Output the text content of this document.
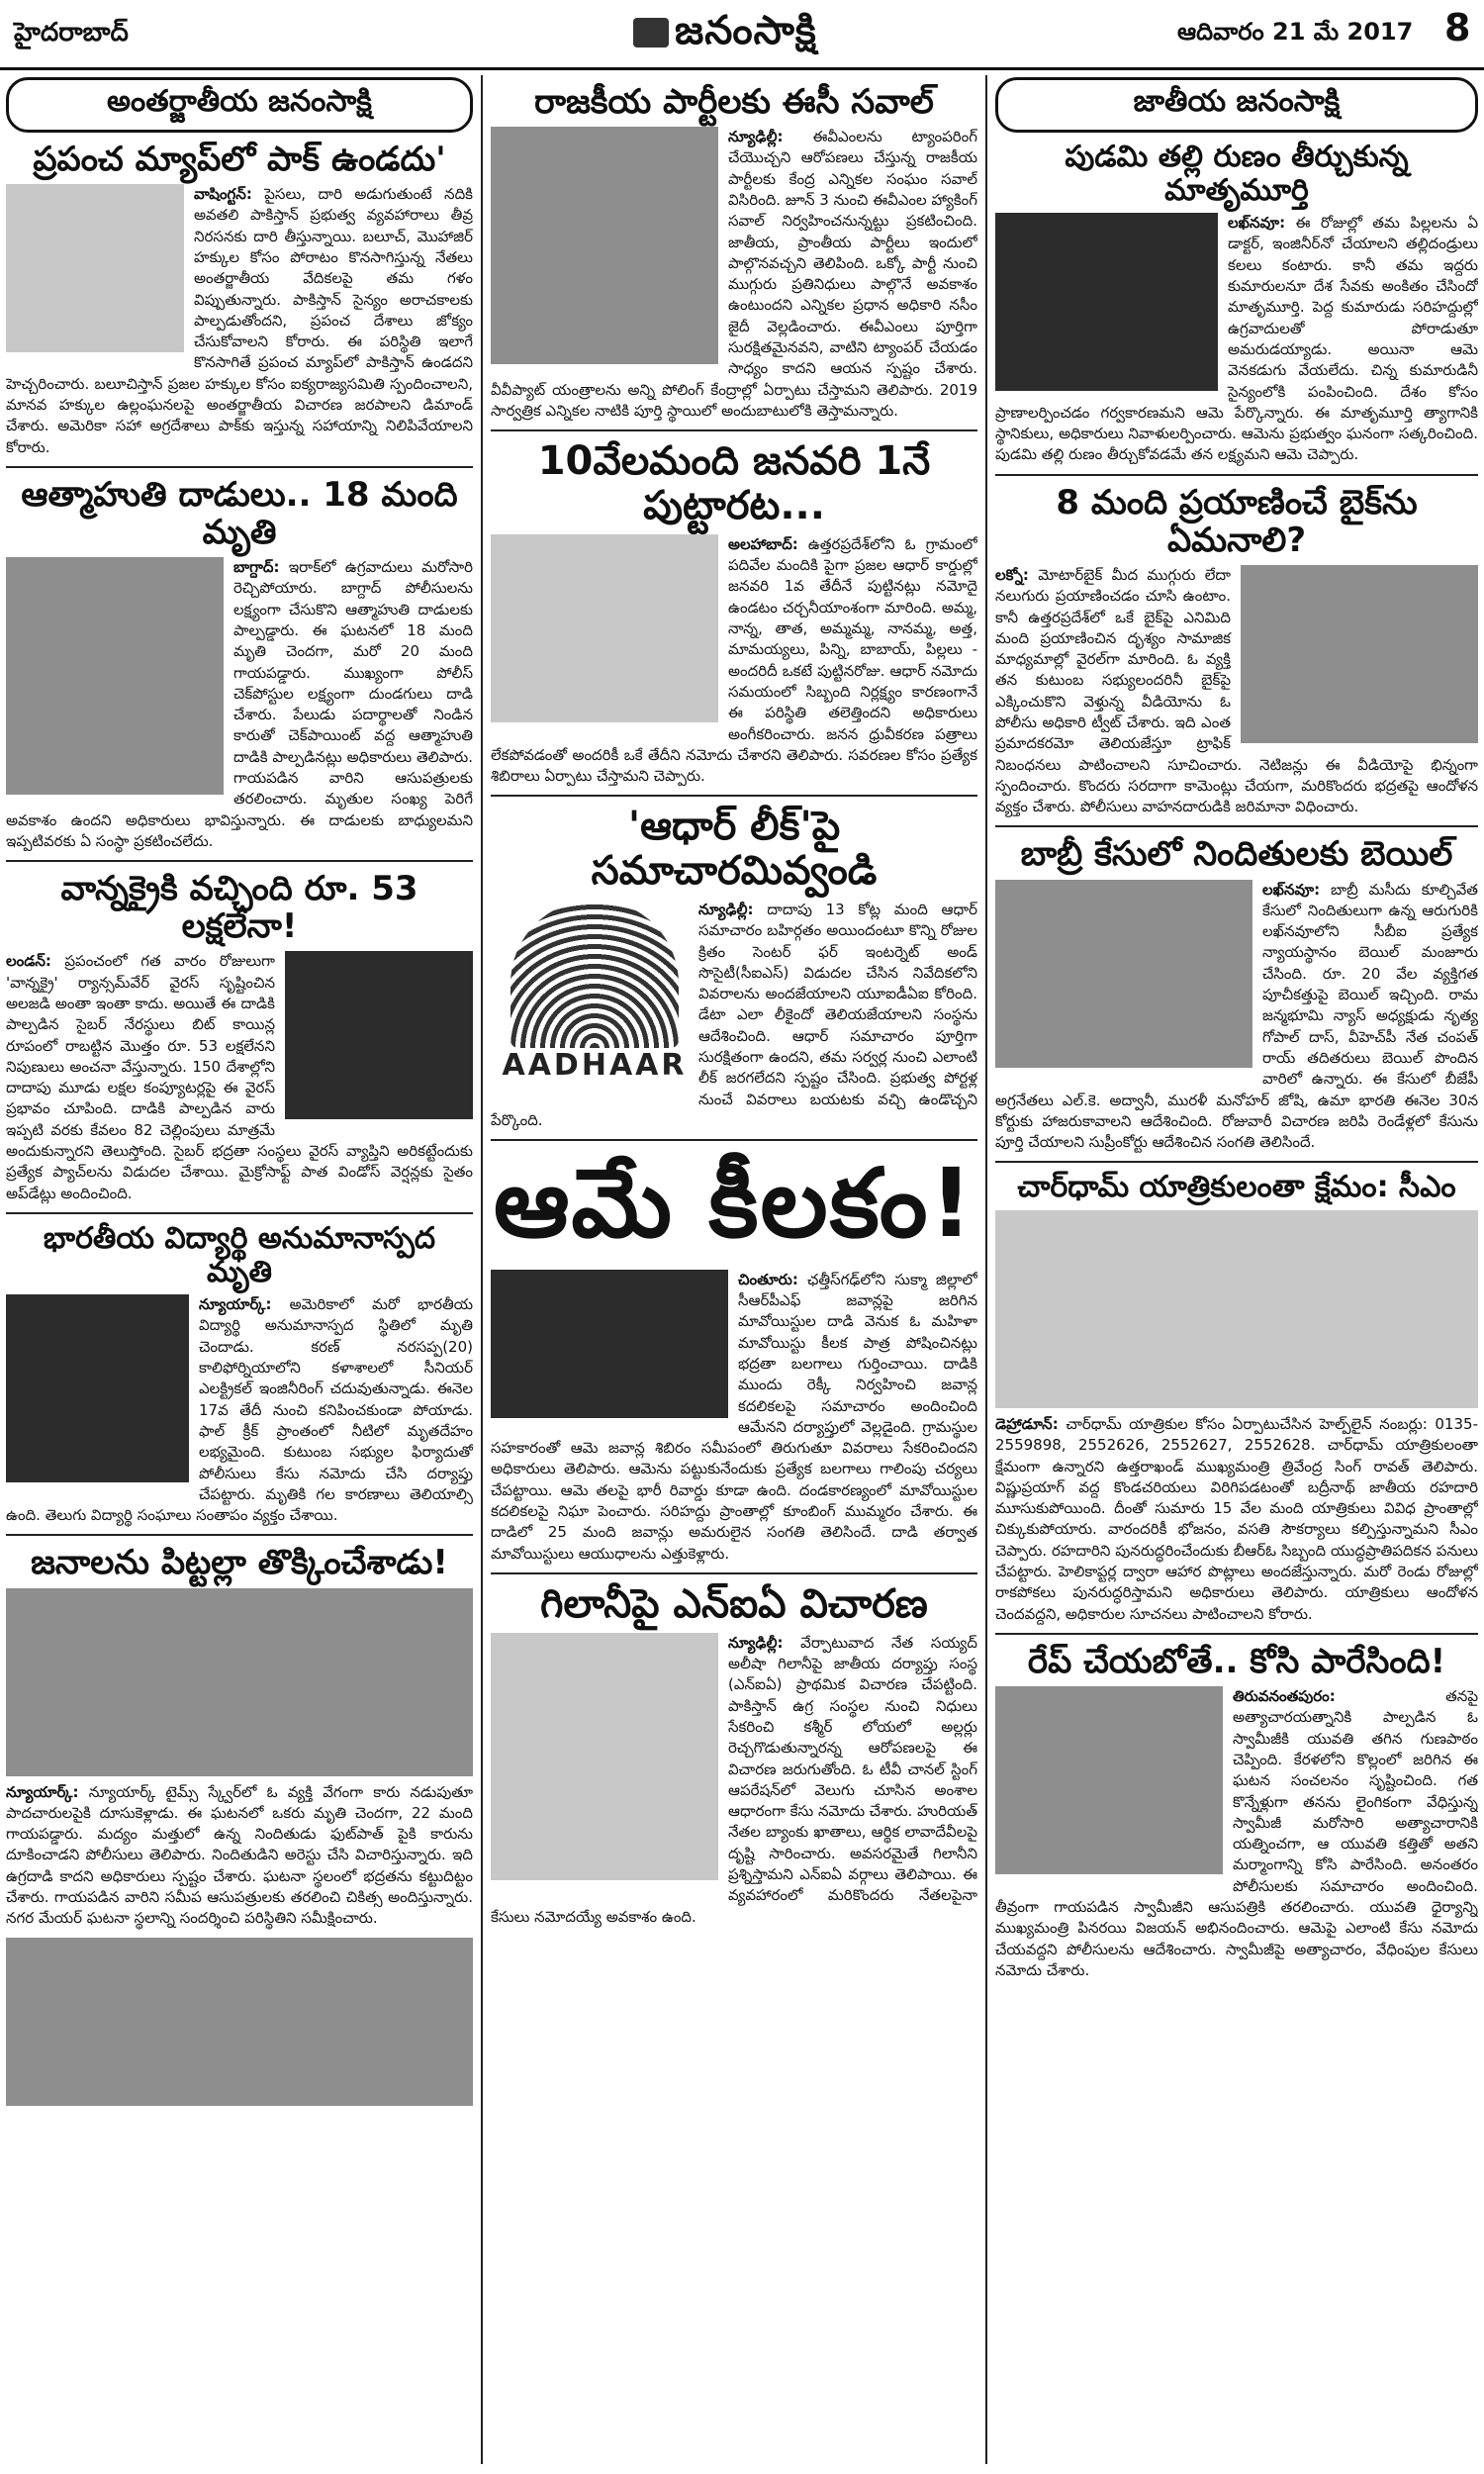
హైదరాబాద్	జనంసాక్షి	ఆదివారం 21 మే 2017 8
అంతర్జాతీయ జనంసాక్షి
ప్రపంచ మ్యాప్‌లో పాక్ ఉండదు'

వాషింగ్టన్: పైసలు, దారి అడుగుతుంటే నదికి అవతలి పాకిస్తాన్ ప్రభుత్వ వ్యవహారాలు తీవ్ర నిరసనకు దారి తీస్తున్నాయి. బలూచ్, మొహాజిర్ హక్కుల కోసం పోరాటం కొనసాగిస్తున్న నేతలు అంతర్జాతీయ వేదికలపై తమ గళం విప్పుతున్నారు. పాకిస్తాన్ సైన్యం అరాచకాలకు పాల్పడుతోందని, ప్రపంచ దేశాలు జోక్యం చేసుకోవాలని కోరారు. ఈ పరిస్థితి ఇలాగే కొనసాగితే ప్రపంచ మ్యాప్‌లో పాకిస్తాన్ ఉండదని హెచ్చరించారు. బలూచిస్తాన్ ప్రజల హక్కుల కోసం ఐక్యరాజ్యసమితి స్పందించాలని, మానవ హక్కుల ఉల్లంఘనలపై అంతర్జాతీయ విచారణ జరపాలని డిమాండ్ చేశారు. అమెరికా సహా అగ్రదేశాలు పాక్‌కు ఇస్తున్న సహాయాన్ని నిలిపివేయాలని కోరారు.

ఆత్మాహుతి దాడులు.. 18 మంది మృతి

బాగ్దాద్: ఇరాక్‌లో ఉగ్రవాదులు మరోసారి రెచ్చిపోయారు. బాగ్దాద్ పోలీసులను లక్ష్యంగా చేసుకొని ఆత్మాహుతి దాడులకు పాల్పడ్డారు. ఈ ఘటనలో 18 మంది మృతి చెందగా, మరో 20 మంది గాయపడ్డారు. ముఖ్యంగా పోలీస్ చెక్‌పోస్టుల లక్ష్యంగా దుండగులు దాడి చేశారు. పేలుడు పదార్థాలతో నిండిన కారుతో చెక్‌పాయింట్ వద్ద ఆత్మాహుతి దాడికి పాల్పడినట్లు అధికారులు తెలిపారు. గాయపడిన వారిని ఆసుపత్రులకు తరలించారు. మృతుల సంఖ్య పెరిగే అవకాశం ఉందని అధికారులు భావిస్తున్నారు. ఈ దాడులకు బాధ్యులమని ఇప్పటివరకు ఏ సంస్థా ప్రకటించలేదు.

వాన్నక్రైకి వచ్చింది రూ. 53 లక్షలేనా!

లండన్: ప్రపంచంలో గత వారం రోజులుగా 'వాన్నక్రై' ర్యాన్సమ్‌వేర్ వైరస్ సృష్టించిన అలజడి అంతా ఇంతా కాదు. అయితే ఈ దాడికి పాల్పడిన సైబర్ నేరస్థులు బిట్ కాయిన్ల రూపంలో రాబట్టిన మొత్తం రూ. 53 లక్షలేనని నిపుణులు అంచనా వేస్తున్నారు. 150 దేశాల్లోని దాదాపు మూడు లక్షల కంప్యూటర్లపై ఈ వైరస్ ప్రభావం చూపింది. దాడికి పాల్పడిన వారు ఇప్పటి వరకు కేవలం 82 చెల్లింపులు మాత్రమే అందుకున్నారని తెలుస్తోంది. సైబర్ భద్రతా సంస్థలు వైరస్ వ్యాప్తిని అరికట్టేందుకు ప్రత్యేక ప్యాచ్‌లను విడుదల చేశాయి. మైక్రోసాఫ్ట్ పాత విండోస్ వెర్షన్లకు సైతం అప్‌డేట్లు అందించింది.

భారతీయ విద్యార్థి అనుమానాస్పద మృతి

న్యూయార్క్: అమెరికాలో మరో భారతీయ విద్యార్థి అనుమానాస్పద స్థితిలో మృతి చెందాడు. కరణ్ నరసప్ప(20) కాలిఫోర్నియాలోని కళాశాలలో సీనియర్ ఎలక్ట్రికల్ ఇంజినీరింగ్ చదువుతున్నాడు. ఈనెల 17వ తేదీ నుంచి కనిపించకుండా పోయాడు. ఫాల్ క్రీక్ ప్రాంతంలో నీటిలో మృతదేహం లభ్యమైంది. కుటుంబ సభ్యుల ఫిర్యాదుతో పోలీసులు కేసు నమోదు చేసి దర్యాప్తు చేపట్టారు. మృతికి గల కారణాలు తెలియాల్సి ఉంది. తెలుగు విద్యార్థి సంఘాలు సంతాపం వ్యక్తం చేశాయి.

జనాలను పిట్టల్లా తొక్కించేశాడు!

న్యూయార్క్: న్యూయార్క్ టైమ్స్ స్క్వేర్‌లో ఓ వ్యక్తి వేగంగా కారు నడుపుతూ పాదచారులపైకి దూసుకెళ్లాడు. ఈ ఘటనలో ఒకరు మృతి చెందగా, 22 మంది గాయపడ్డారు. మద్యం మత్తులో ఉన్న నిందితుడు ఫుట్‌పాత్ పైకి కారును దూకించాడని పోలీసులు తెలిపారు. నిందితుడిని అరెస్టు చేసి విచారిస్తున్నారు. ఇది ఉగ్రదాడి కాదని అధికారులు స్పష్టం చేశారు. ఘటనా స్థలంలో భద్రతను కట్టుదిట్టం చేశారు. గాయపడిన వారిని సమీప ఆసుపత్రులకు తరలించి చికిత్స అందిస్తున్నారు. నగర మేయర్ ఘటనా స్థలాన్ని సందర్శించి పరిస్థితిని సమీక్షించారు.

రాజకీయ పార్టీలకు ఈసీ సవాల్

న్యూఢిల్లీ: ఈవీఎంలను ట్యాంపరింగ్ చేయొచ్చని ఆరోపణలు చేస్తున్న రాజకీయ పార్టీలకు కేంద్ర ఎన్నికల సంఘం సవాల్ విసిరింది. జూన్ 3 నుంచి ఈవీఎంల హ్యాకింగ్ సవాల్ నిర్వహించనున్నట్టు ప్రకటించింది. జాతీయ, ప్రాంతీయ పార్టీలు ఇందులో పాల్గొనవచ్చని తెలిపింది. ఒక్కో పార్టీ నుంచి ముగ్గురు ప్రతినిధులు పాల్గొనే అవకాశం ఉంటుందని ఎన్నికల ప్రధాన అధికారి నసీం జైదీ వెల్లడించారు. ఈవీఎంలు పూర్తిగా సురక్షితమైనవని, వాటిని ట్యాంపర్ చేయడం సాధ్యం కాదని ఆయన స్పష్టం చేశారు. వీవీప్యాట్ యంత్రాలను అన్ని పోలింగ్ కేంద్రాల్లో ఏర్పాటు చేస్తామని తెలిపారు. 2019 సార్వత్రిక ఎన్నికల నాటికి పూర్తి స్థాయిలో అందుబాటులోకి తెస్తామన్నారు.

10వేలమంది జనవరి 1నే పుట్టారట...

అలహాబాద్: ఉత్తరప్రదేశ్‌లోని ఓ గ్రామంలో పదివేల మందికి పైగా ప్రజల ఆధార్ కార్డుల్లో జనవరి 1వ తేదీనే పుట్టినట్లు నమోదై ఉండటం చర్చనీయాంశంగా మారింది. అమ్మ, నాన్న, తాత, అమ్మమ్మ, నానమ్మ, అత్త, మామయ్యలు, పిన్ని, బాబాయ్, పిల్లలు - అందరిదీ ఒకటే పుట్టినరోజు. ఆధార్ నమోదు సమయంలో సిబ్బంది నిర్లక్ష్యం కారణంగానే ఈ పరిస్థితి తలెత్తిందని అధికారులు అంగీకరించారు. జనన ధ్రువీకరణ పత్రాలు లేకపోవడంతో అందరికీ ఒకే తేదీని నమోదు చేశారని తెలిపారు. సవరణల కోసం ప్రత్యేక శిబిరాలు ఏర్పాటు చేస్తామని చెప్పారు.

'ఆధార్ లీక్'పై సమాచారమివ్వండి
AADHAAR

న్యూఢిల్లీ: దాదాపు 13 కోట్ల మంది ఆధార్ సమాచారం బహిర్గతం అయిందంటూ కొన్ని రోజుల క్రితం సెంటర్ ఫర్ ఇంటర్నెట్ అండ్ సొసైటీ(సీఐఎస్) విడుదల చేసిన నివేదికలోని వివరాలను అందజేయాలని యూఐడీఏఐ కోరింది. డేటా ఎలా లీకైందో తెలియజేయాలని సంస్థను ఆదేశించింది. ఆధార్ సమాచారం పూర్తిగా సురక్షితంగా ఉందని, తమ సర్వర్ల నుంచి ఎలాంటి లీక్ జరగలేదని స్పష్టం చేసింది. ప్రభుత్వ పోర్టళ్ల నుంచే వివరాలు బయటకు వచ్చి ఉండొచ్చని పేర్కొంది.

ఆమే కీలకం!

చింతూరు: ఛత్తీస్‌గఢ్‌లోని సుక్మా జిల్లాలో సీఆర్‌పీఎఫ్ జవాన్లపై జరిగిన మావోయిస్టుల దాడి వెనుక ఓ మహిళా మావోయిస్టు కీలక పాత్ర పోషించినట్లు భద్రతా బలగాలు గుర్తించాయి. దాడికి ముందు రెక్కీ నిర్వహించి జవాన్ల కదలికలపై సమాచారం అందించింది ఆమేనని దర్యాప్తులో వెల్లడైంది. గ్రామస్థుల సహకారంతో ఆమె జవాన్ల శిబిరం సమీపంలో తిరుగుతూ వివరాలు సేకరించిందని అధికారులు తెలిపారు. ఆమెను పట్టుకునేందుకు ప్రత్యేక బలగాలు గాలింపు చర్యలు చేపట్టాయి. ఆమె తలపై భారీ రివార్డు కూడా ఉంది. దండకారణ్యంలో మావోయిస్టుల కదలికలపై నిఘా పెంచారు. సరిహద్దు ప్రాంతాల్లో కూంబింగ్ ముమ్మరం చేశారు. ఈ దాడిలో 25 మంది జవాన్లు అమరులైన సంగతి తెలిసిందే. దాడి తర్వాత మావోయిస్టులు ఆయుధాలను ఎత్తుకెళ్లారు.

గిలానీపై ఎన్ఐఏ విచారణ

న్యూఢిల్లీ: వేర్పాటువాద నేత సయ్యద్ అలీషా గిలానీపై జాతీయ దర్యాప్తు సంస్థ (ఎన్ఐఏ) ప్రాథమిక విచారణ చేపట్టింది. పాకిస్తాన్ ఉగ్ర సంస్థల నుంచి నిధులు సేకరించి కశ్మీర్ లోయలో అల్లర్లు రెచ్చగొడుతున్నారన్న ఆరోపణలపై ఈ విచారణ జరుగుతోంది. ఓ టీవీ చానల్ స్టింగ్ ఆపరేషన్‌లో వెలుగు చూసిన అంశాల ఆధారంగా కేసు నమోదు చేశారు. హురియత్ నేతల బ్యాంకు ఖాతాలు, ఆర్థిక లావాదేవీలపై దృష్టి సారించారు. అవసరమైతే గిలానీని ప్రశ్నిస్తామని ఎన్ఐఏ వర్గాలు తెలిపాయి. ఈ వ్యవహారంలో మరికొందరు నేతలపైనా కేసులు నమోదయ్యే అవకాశం ఉంది.

జాతీయ జనంసాక్షి
పుడమి తల్లి రుణం తీర్చుకున్న మాతృమూర్తి

లఖ్‌నవూ: ఈ రోజుల్లో తమ పిల్లలను ఏ డాక్టర్, ఇంజినీర్‌నో చేయాలని తల్లిదండ్రులు కలలు కంటారు. కానీ తమ ఇద్దరు కుమారులనూ దేశ సేవకు అంకితం చేసిందో మాతృమూర్తి. పెద్ద కుమారుడు సరిహద్దుల్లో ఉగ్రవాదులతో పోరాడుతూ అమరుడయ్యాడు. అయినా ఆమె వెనకడుగు వేయలేదు. చిన్న కుమారుడినీ సైన్యంలోకి పంపించింది. దేశం కోసం ప్రాణాలర్పించడం గర్వకారణమని ఆమె పేర్కొన్నారు. ఈ మాతృమూర్తి త్యాగానికి స్థానికులు, అధికారులు నివాళులర్పించారు. ఆమెను ప్రభుత్వం ఘనంగా సత్కరించింది. పుడమి తల్లి రుణం తీర్చుకోవడమే తన లక్ష్యమని ఆమె చెప్పారు.

8 మంది ప్రయాణించే బైక్‌ను ఏమనాలి?

లక్నో: మోటార్‌బైక్ మీద ముగ్గురు లేదా నలుగురు ప్రయాణించడం చూసి ఉంటాం. కానీ ఉత్తరప్రదేశ్‌లో ఒకే బైక్‌పై ఎనిమిది మంది ప్రయాణించిన దృశ్యం సామాజిక మాధ్యమాల్లో వైరల్‌గా మారింది. ఓ వ్యక్తి తన కుటుంబ సభ్యులందరినీ బైక్‌పై ఎక్కించుకొని వెళ్తున్న వీడియోను ఓ పోలీసు అధికారి ట్వీట్ చేశారు. ఇది ఎంత ప్రమాదకరమో తెలియజేస్తూ ట్రాఫిక్ నిబంధనలు పాటించాలని సూచించారు. నెటిజన్లు ఈ వీడియోపై భిన్నంగా స్పందించారు. కొందరు సరదాగా కామెంట్లు చేయగా, మరికొందరు భద్రతపై ఆందోళన వ్యక్తం చేశారు. పోలీసులు వాహనదారుడికి జరిమానా విధించారు.

బాబ్రీ కేసులో నిందితులకు బెయిల్

లఖ్‌నవూ: బాబ్రీ మసీదు కూల్చివేత కేసులో నిందితులుగా ఉన్న ఆరుగురికి లఖ్‌నవూలోని సీబీఐ ప్రత్యేక న్యాయస్థానం బెయిల్ మంజూరు చేసింది. రూ. 20 వేల వ్యక్తిగత పూచీకత్తుపై బెయిల్ ఇచ్చింది. రామ జన్మభూమి న్యాస్ అధ్యక్షుడు నృత్య గోపాల్ దాస్, వీహెచ్‌పీ నేత చంపత్ రాయ్ తదితరులు బెయిల్ పొందిన వారిలో ఉన్నారు. ఈ కేసులో బీజేపీ అగ్రనేతలు ఎల్.కె. అద్వానీ, మురళీ మనోహర్ జోషి, ఉమా భారతి ఈనెల 30న కోర్టుకు హాజరుకావాలని ఆదేశించింది. రోజువారీ విచారణ జరిపి రెండేళ్లలో కేసును పూర్తి చేయాలని సుప్రీంకోర్టు ఆదేశించిన సంగతి తెలిసిందే.

చార్‌ధామ్ యాత్రికులంతా క్షేమం: సీఎం

డెహ్రాడూన్: చార్‌ధామ్ యాత్రికుల కోసం ఏర్పాటుచేసిన హెల్ప్‌లైన్ నంబర్లు: 0135-2559898, 2552626, 2552627, 2552628. చార్‌ధామ్ యాత్రికులంతా క్షేమంగా ఉన్నారని ఉత్తరాఖండ్ ముఖ్యమంత్రి త్రివేంద్ర సింగ్ రావత్ తెలిపారు. విష్ణుప్రయాగ్ వద్ద కొండచరియలు విరిగిపడటంతో బద్రీనాథ్ జాతీయ రహదారి మూసుకుపోయింది. దీంతో సుమారు 15 వేల మంది యాత్రికులు వివిధ ప్రాంతాల్లో చిక్కుకుపోయారు. వారందరికీ భోజనం, వసతి సౌకర్యాలు కల్పిస్తున్నామని సీఎం చెప్పారు. రహదారిని పునరుద్ధరించేందుకు బీఆర్‌ఓ సిబ్బంది యుద్ధప్రాతిపదికన పనులు చేపట్టారు. హెలికాప్టర్ల ద్వారా ఆహార పొట్లాలు అందజేస్తున్నారు. మరో రెండు రోజుల్లో రాకపోకలు పునరుద్ధరిస్తామని అధికారులు తెలిపారు. యాత్రికులు ఆందోళన చెందవద్దని, అధికారుల సూచనలు పాటించాలని కోరారు.

రేప్ చేయబోతే.. కోసి పారేసింది!

తిరువనంతపురం:	తనపై అత్యాచారయత్నానికి పాల్పడిన ఓ స్వామీజీకి యువతి తగిన గుణపాఠం చెప్పింది. కేరళలోని కొల్లంలో జరిగిన ఈ ఘటన సంచలనం సృష్టించింది. గత కొన్నేళ్లుగా తనను లైంగికంగా వేధిస్తున్న స్వామీజీ మరోసారి అత్యాచారానికి యత్నించగా, ఆ యువతి కత్తితో అతని మర్మాంగాన్ని కోసి పారేసింది. అనంతరం పోలీసులకు సమాచారం అందించింది. తీవ్రంగా గాయపడిన స్వామీజీని ఆసుపత్రికి తరలించారు. యువతి ధైర్యాన్ని ముఖ్యమంత్రి పినరయి విజయన్ అభినందించారు. ఆమెపై ఎలాంటి కేసు నమోదు చేయవద్దని పోలీసులను ఆదేశించారు. స్వామీజీపై అత్యాచారం, వేధింపుల కేసులు నమోదు చేశారు.
